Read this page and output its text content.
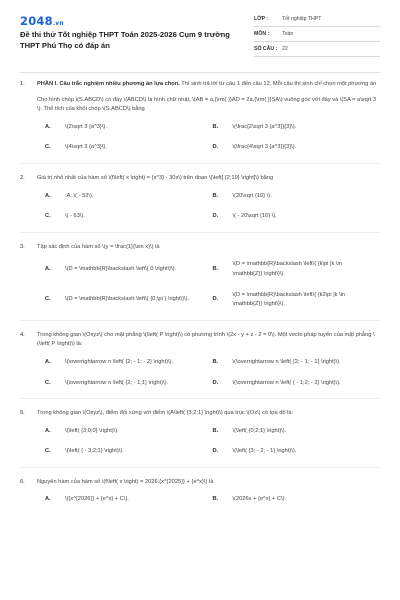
2048.vn
Đề thi thử Tốt nghiệp THPT Toán 2025-2026 Cụm 9 trường THPT Phú Thọ có đáp án
LỚP :	Tốt nghiệp THPT
MÔN :	Toán
SỐ CÂU : 22
1.	PHẦN I. Câu trắc nghiệm nhiều phương án lựa chọn. Thí sinh trả lời từ câu 1 đến câu 12. Mỗi câu thí sinh chỉ chọn một phương án

Cho hình chóp \(S.ABCD\) có đáy \(ABCD\) là hình chữ nhật, \(AB = a,{\rm{ }}AD = 2a,{\rm{ }}SA\) vuông góc với đáy và \(SA = a\sqrt 3 \). Thể tích của khối chóp \(S.ABCD\) bằng

A.	\(2\sqrt 3 {a^3}\).	B.	\(\frac{2\sqrt 3 {a^3}}{3}\).
C.	\(4\sqrt 3 {a^3}\).	D.	\(\frac{4\sqrt 3 {a^3}}{3}\).
2.	Giá trị nhỏ nhất của hàm số \(f\left( x \right) = {x^3} - 30x\) trên đoạn \(\left[ {2;19} \right]\) bằng

A.	:A. \( - 52\).	B.	\(20\sqrt {10} \).
C.	\( - 63\).	D.	\( - 20\sqrt {10} \).
3.	Tập xác định của hàm số \(y = \frac{1}{\sin x}\) là

A.	\(D = \mathbb{R}\backslash \left\{ 0 \right\}\).	B.
\(D = \mathbb{R}\backslash \left\{ {k\pi |k \in \mathbb{Z}} \right\}\).
C.	\(D = \mathbb{R}\backslash \left\{ {0;\pi } \right\}\).	D.
\(D = \mathbb{R}\backslash \left\{ {k2\pi |k \in \mathbb{Z}} \right\}\).
4.	Trong không gian \(Oxyz\) cho mặt phẳng \(\left( P \right)\) có phương trình \(2x - y + z - 2 = 0\). Một vecto pháp tuyến của mặt phẳng \(\left( P \right)\) là:

A.	\(\overrightarrow n \left( {2; - 1; - 2} \right)\).	B.	\(\overrightarrow n \left( {2; - 1; - 1} \right)\).
C.	\(\overrightarrow n \left( {2; - 1;1} \right)\).	D.	\(\overrightarrow n \left( { - 1;2; - 2} \right)\).
5.	Trong không gian \(Oxyz\), điểm đối xứng với điểm \(A\left( {3;2;1} \right)\) qua trục \(Ox\) có tọa độ là:

A.	\(\left( {3;0;0} \right)\).	B.	\(\left( {0;2;1} \right)\).
C.	\(\left( { - 3;2;1} \right)\).	D.	\(\left( {3; - 2; - 1} \right)\).
6.	Nguyên hàm của hàm số \(f\left( x \right) = 2026.{x^{2025}} + {e^x}\) là

A.	\({x^{2026}} + {e^x} + C\).	B.	\(2026x + {e^x} + C\).
